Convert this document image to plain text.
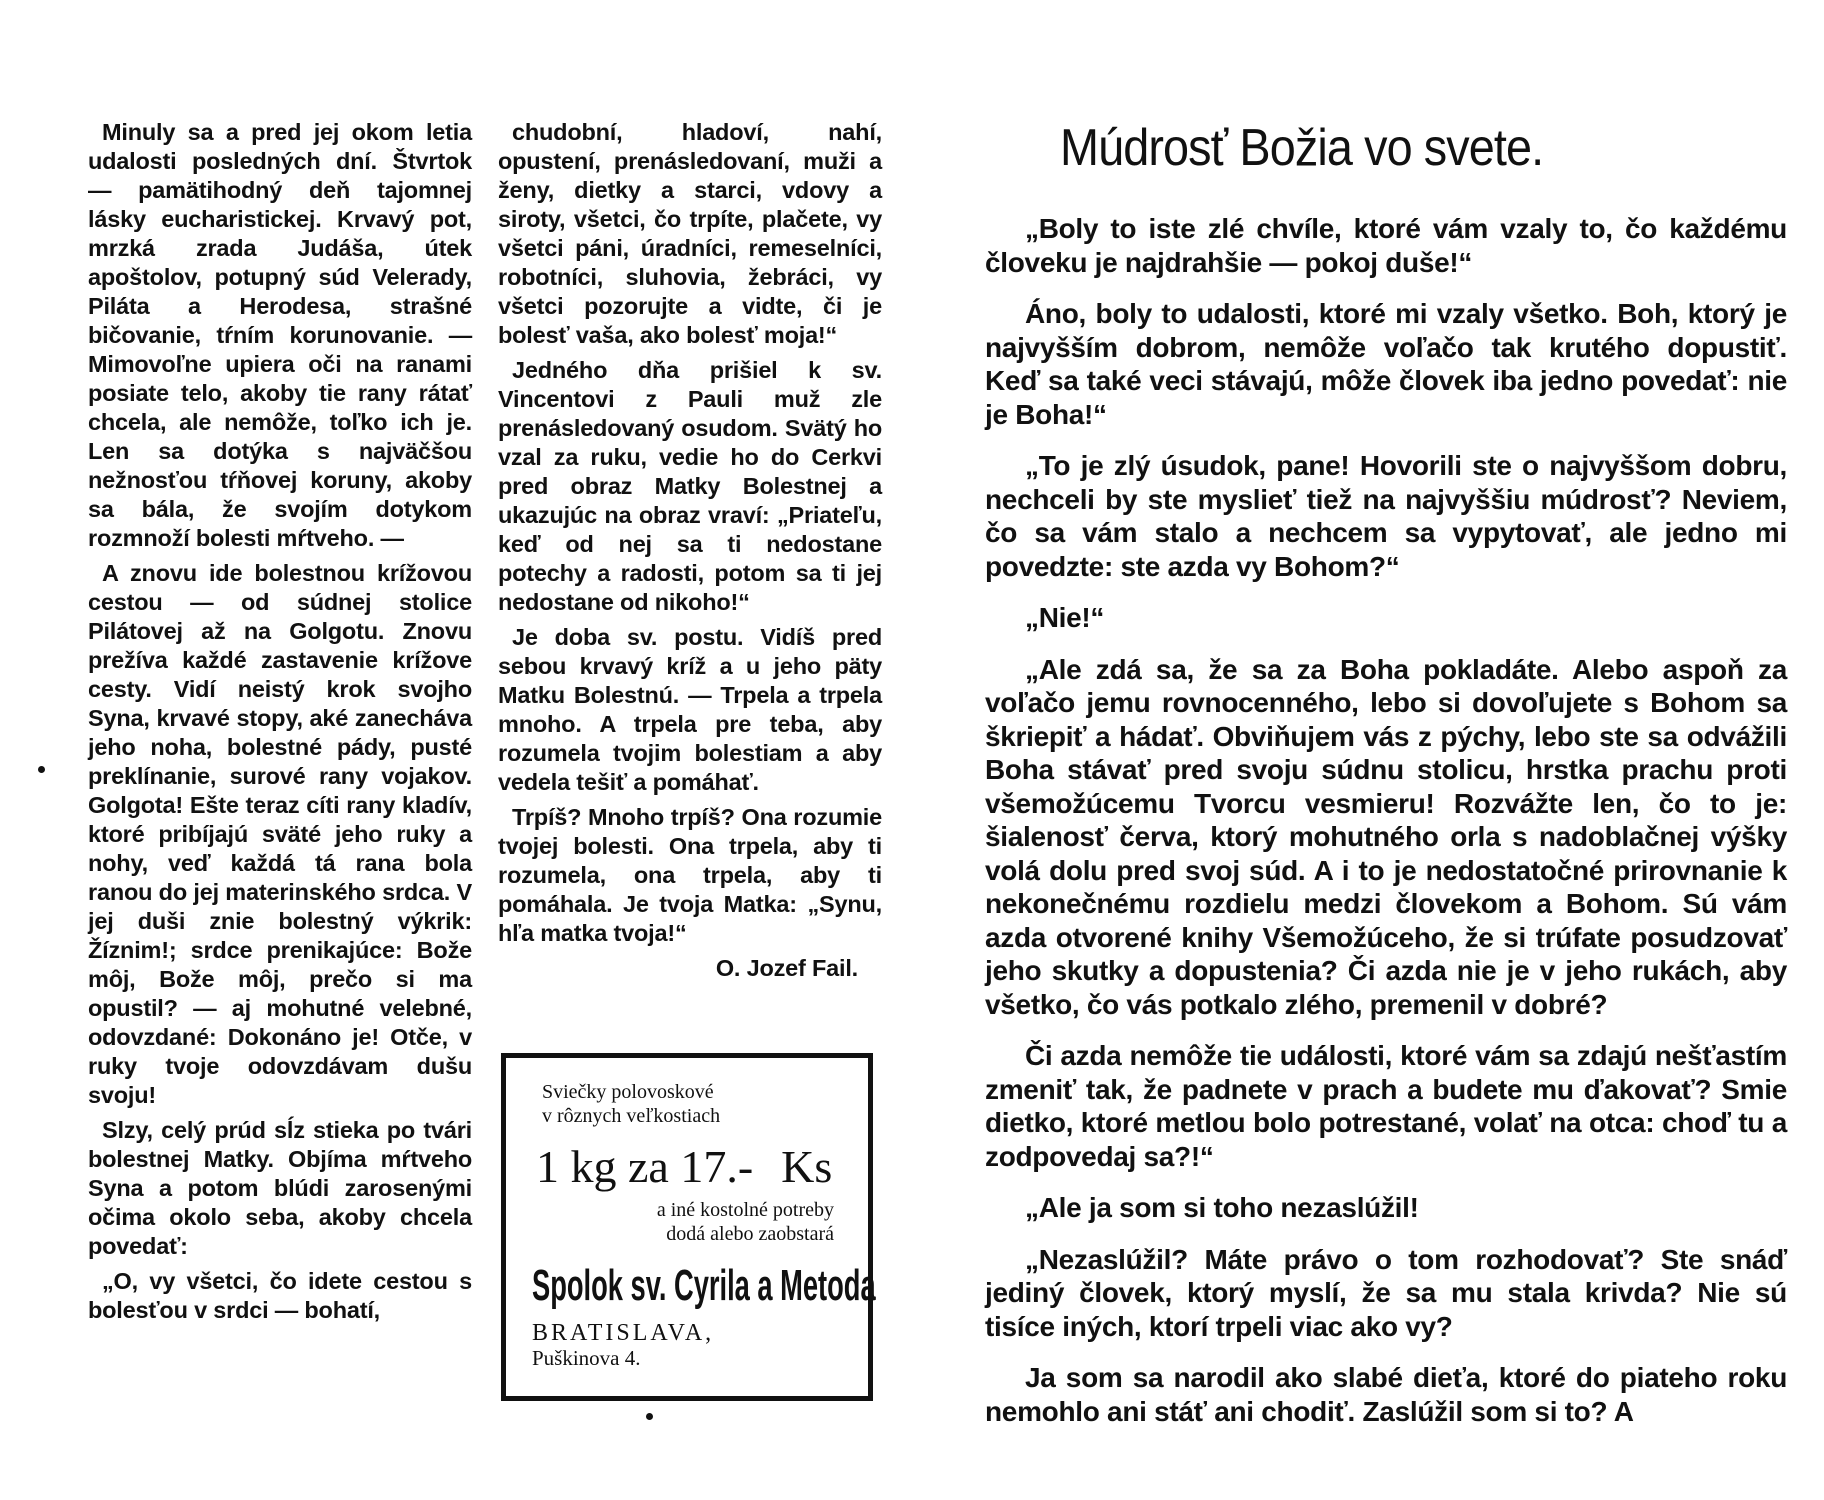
Minuly sa a pred jej okom letia udalosti posledných dní. Štvrtok — pamätihodný deň tajomnej lásky eucharistickej. Krvavý pot, mrzká zrada Judáša, útek apoštolov, potupný súd Velerady, Piláta a Herodesa, strašné bičovanie, tŕním korunovanie. — Mimovoľne upiera oči na ranami posiate telo, akoby tie rany rátať chcela, ale nemôže, toľko ich je. Len sa dotýka s najväčšou nežnosťou tŕňovej koruny, akoby sa bála, že svojím dotykom rozmnoží bolesti mŕtveho. —

A znovu ide bolestnou krížovou cestou — od súdnej stolice Pilátovej až na Golgotu. Znovu prežíva každé zastavenie krížove cesty. Vidí neistý krok svojho Syna, krvavé stopy, aké zanecháva jeho noha, bolestné pády, pusté preklínanie, surové rany vojakov. Golgota! Ešte teraz cíti rany kladív, ktoré pribíjajú sväté jeho ruky a nohy, veď každá tá rana bola ranou do jej materinského srdca. V jej duši znie bolestný výkrik: Žíznim!; srdce prenikajúce: Bože môj, Bože môj, prečo si ma opustil? — aj mohutné velebné, odovzdané: Dokonáno je! Otče, v ruky tvoje odovzdávam dušu svoju!

Slzy, celý prúd sĺz stieka po tvári bolestnej Matky. Objíma mŕtveho Syna a potom blúdi zarosenými očima okolo seba, akoby chcela povedať:

„O, vy všetci, čo idete cestou s bolesťou v srdci — bohatí,

chudobní, hladoví, nahí, opustení, prenásledovaní, muži a ženy, dietky a starci, vdovy a siroty, všetci, čo trpíte, plačete, vy všetci páni, úradníci, remeselníci, robotníci, sluhovia, žebráci, vy všetci pozorujte a vidte, či je bolesť vaša, ako bolesť moja!“

Jedného dňa prišiel k sv. Vincentovi z Pauli muž zle prenásledovaný osudom. Svätý ho vzal za ruku, vedie ho do Cerkvi pred obraz Matky Bolestnej a ukazujúc na obraz vraví: „Priateľu, keď od nej sa ti nedostane potechy a radosti, potom sa ti jej nedostane od nikoho!“

Je doba sv. postu. Vidíš pred sebou krvavý kríž a u jeho päty Matku Bolestnú. — Trpela a trpela mnoho. A trpela pre teba, aby rozumela tvojim bolestiam a aby vedela tešiť a pomáhať.

Trpíš? Mnoho trpíš? Ona rozumie tvojej bolesti. Ona trpela, aby ti rozumela, ona trpela, aby ti pomáhala. Je tvoja Matka: „Synu, hľa matka tvoja!“

O. Jozef Fail.

Sviečky polovoskové

v rôznych veľkostiach

1 kg za 17.- Ks

a iné kostolné potreby
dodá alebo zaobstará

Spolok sv. Cyrila a Metoda

BRATISLAVA,

Puškinova 4.

Múdrosť Božia vo svete.

„Boly to iste zlé chvíle, ktoré vám vzaly to, čo každému človeku je najdrahšie — pokoj duše!“

Áno, boly to udalosti, ktoré mi vzaly všetko. Boh, ktorý je najvyšším dobrom, nemôže voľačo tak krutého dopustiť. Keď sa také veci stávajú, môže človek iba jedno povedať: nie je Boha!“

„To je zlý úsudok, pane! Hovorili ste o najvyššom dobru, nechceli by ste myslieť tiež na najvyššiu múdrosť? Neviem, čo sa vám stalo a nechcem sa vypytovať, ale jedno mi povedzte: ste azda vy Bohom?“

„Nie!“

„Ale zdá sa, že sa za Boha pokladáte. Alebo aspoň za voľačo jemu rovnocenného, lebo si dovoľujete s Bohom sa škriepiť a hádať. Obviňujem vás z pýchy, lebo ste sa odvážili Boha stávať pred svoju súdnu stolicu, hrstka prachu proti všemožúcemu Tvorcu vesmieru! Rozvážte len, čo to je: šialenosť červa, ktorý mohutného orla s nadoblačnej výšky volá dolu pred svoj súd. A i to je nedostatočné prirovnanie k nekonečnému rozdielu medzi človekom a Bohom. Sú vám azda otvorené knihy Všemožúceho, že si trúfate posudzovať jeho skutky a dopustenia? Či azda nie je v jeho rukách, aby všetko, čo vás potkalo zlého, premenil v dobré?

Či azda nemôže tie události, ktoré vám sa zdajú nešťastím zmeniť tak, že padnete v prach a budete mu ďakovať? Smie dietko, ktoré metlou bolo potrestané, volať na otca: choď tu a zodpovedaj sa?!“

„Ale ja som si toho nezaslúžil!

„Nezaslúžil? Máte právo o tom rozhodovať? Ste snáď jediný človek, ktorý myslí, že sa mu stala krivda? Nie sú tisíce iných, ktorí trpeli viac ako vy?

Ja som sa narodil ako slabé dieťa, ktoré do piateho roku nemohlo ani stáť ani chodiť. Zaslúžil som si to? A
